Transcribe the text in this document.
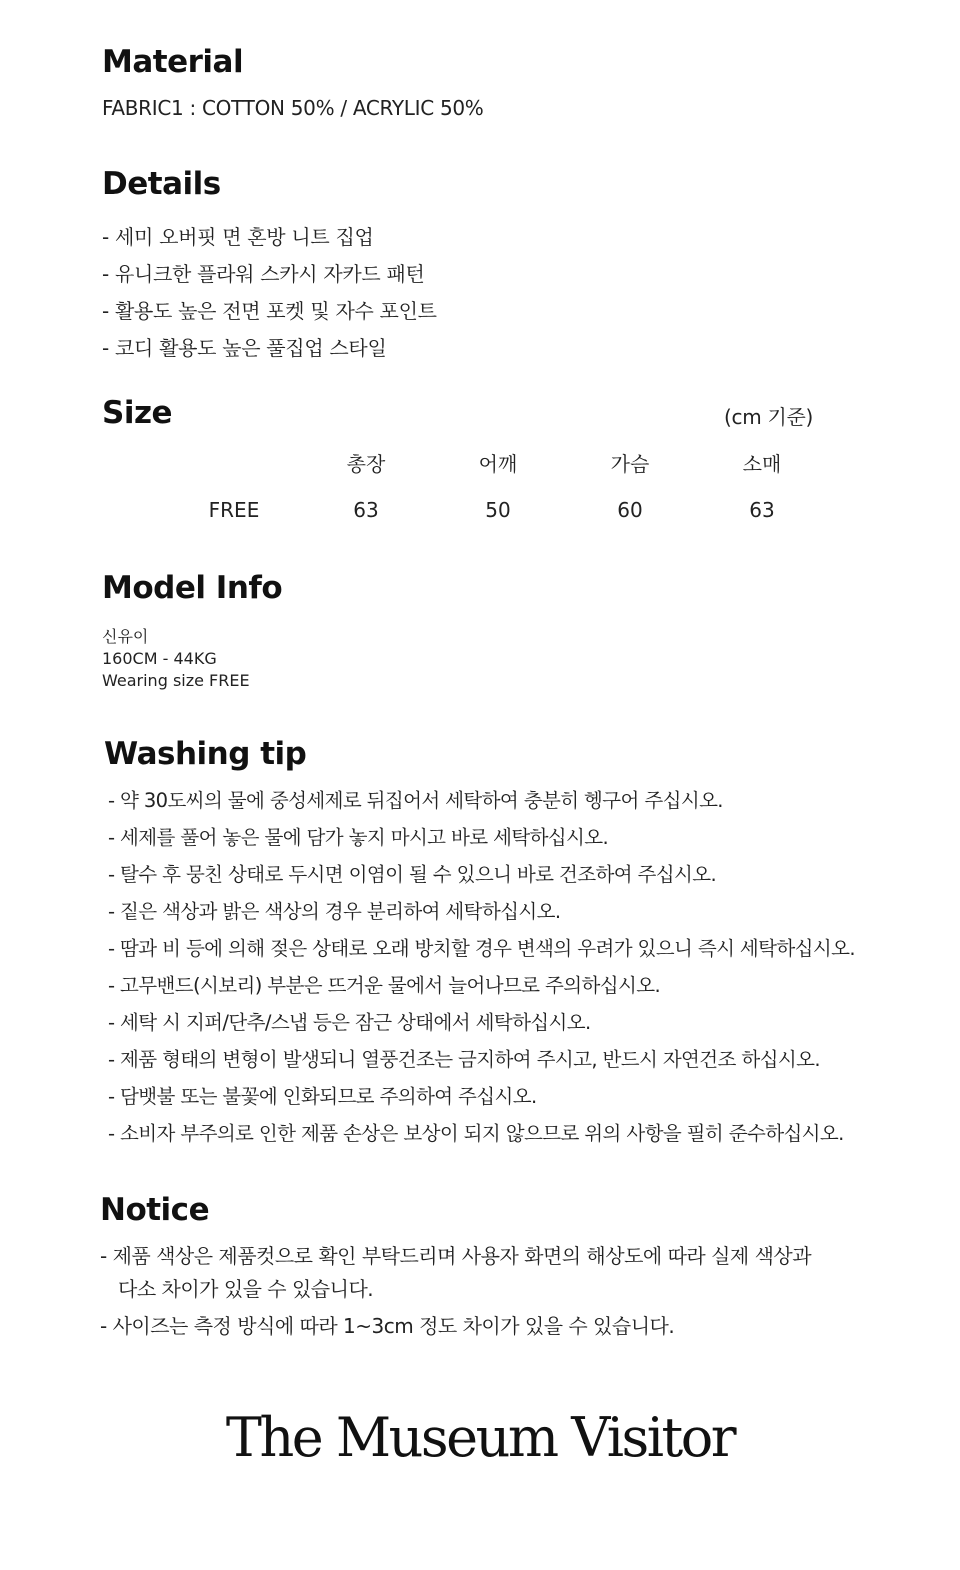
Material
FABRIC1 : COTTON 50% / ACRYLIC 50%
Details
- 세미 오버핏 면 혼방 니트 집업
- 유니크한 플라워 스카시 자카드 패턴
- 활용도 높은 전면 포켓 및 자수 포인트
- 코디 활용도 높은 풀집업 스타일
Size	(cm 기준)
	총장	어깨	가슴	소매
FREE	63	50	60	63
Model Info
신유이
160CM - 44KG
Wearing size FREE
Washing tip
- 약 30도씨의 물에 중성세제로 뒤집어서 세탁하여 충분히 헹구어 주십시오.
- 세제를 풀어 놓은 물에 담가 놓지 마시고 바로 세탁하십시오.
- 탈수 후 뭉친 상태로 두시면 이염이 될 수 있으니 바로 건조하여 주십시오.
- 짙은 색상과 밝은 색상의 경우 분리하여 세탁하십시오.
- 땀과 비 등에 의해 젖은 상태로 오래 방치할 경우 변색의 우려가 있으니 즉시 세탁하십시오.
- 고무밴드(시보리) 부분은 뜨거운 물에서 늘어나므로 주의하십시오.
- 세탁 시 지퍼/단추/스냅 등은 잠근 상태에서 세탁하십시오.
- 제품 형태의 변형이 발생되니 열풍건조는 금지하여 주시고, 반드시 자연건조 하십시오.
- 담뱃불 또는 불꽃에 인화되므로 주의하여 주십시오.
- 소비자 부주의로 인한 제품 손상은 보상이 되지 않으므로 위의 사항을 필히 준수하십시오.
Notice
- 제품 색상은 제품컷으로 확인 부탁드리며 사용자 화면의 해상도에 따라 실제 색상과
다소 차이가 있을 수 있습니다.
- 사이즈는 측정 방식에 따라 1~3cm 정도 차이가 있을 수 있습니다.
The Museum Visitor
